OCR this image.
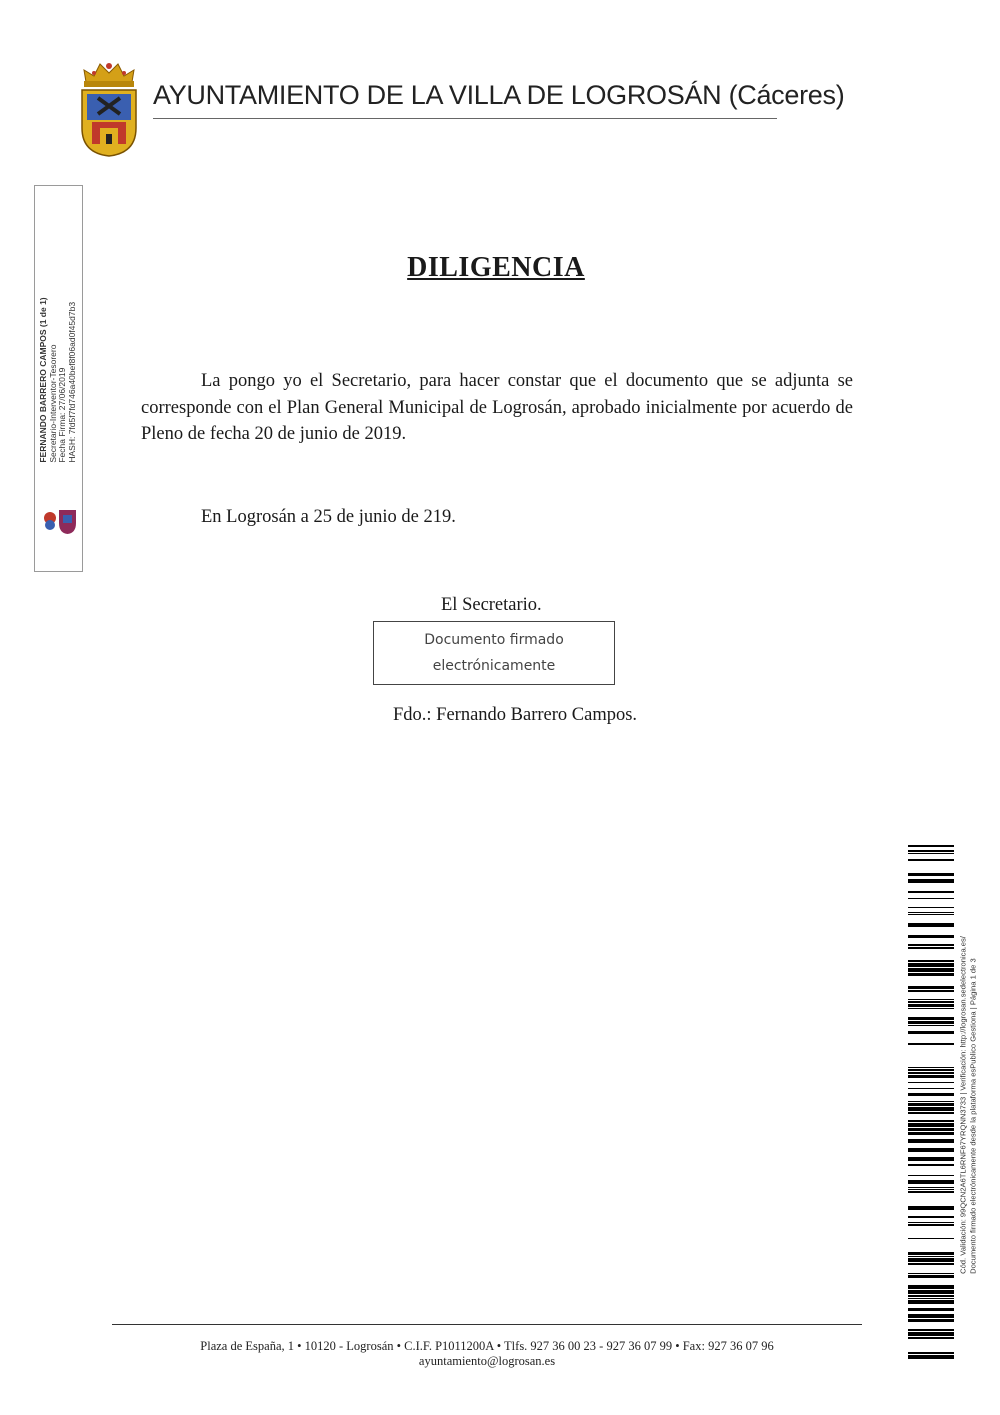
AYUNTAMIENTO DE LA VILLA DE LOGROSÁN (Cáceres)
FERNANDO BARRERO CAMPOS (1 de 1) Secretario-Interventor-Tesorero Fecha Firma: 27/06/2019 HASH: 7fd5f7fd746a40bef8f06ad0f45d7b3
DILIGENCIA
La pongo yo el Secretario, para hacer constar que el documento que se adjunta se corresponde con el Plan General Municipal de Logrosán, aprobado inicialmente por acuerdo de Pleno de fecha 20 de junio de 2019.
En Logrosán a 25 de junio de 219.
El Secretario.
Documento firmado
electrónicamente
Fdo.: Fernando Barrero Campos.
Cód. Validación: 99QCN2A6TL6RNF67YRQNN3733 | Verificación: http://logrosan.sedelectronica.es/ Documento firmado electrónicamente desde la plataforma esPublico Gestiona | Página 1 de 3
Plaza de España, 1 • 10120 - Logrosán • C.I.F. P1011200A • Tlfs. 927 36 00 23 - 927 36 07 99 • Fax: 927 36 07 96
ayuntamiento@logrosan.es
